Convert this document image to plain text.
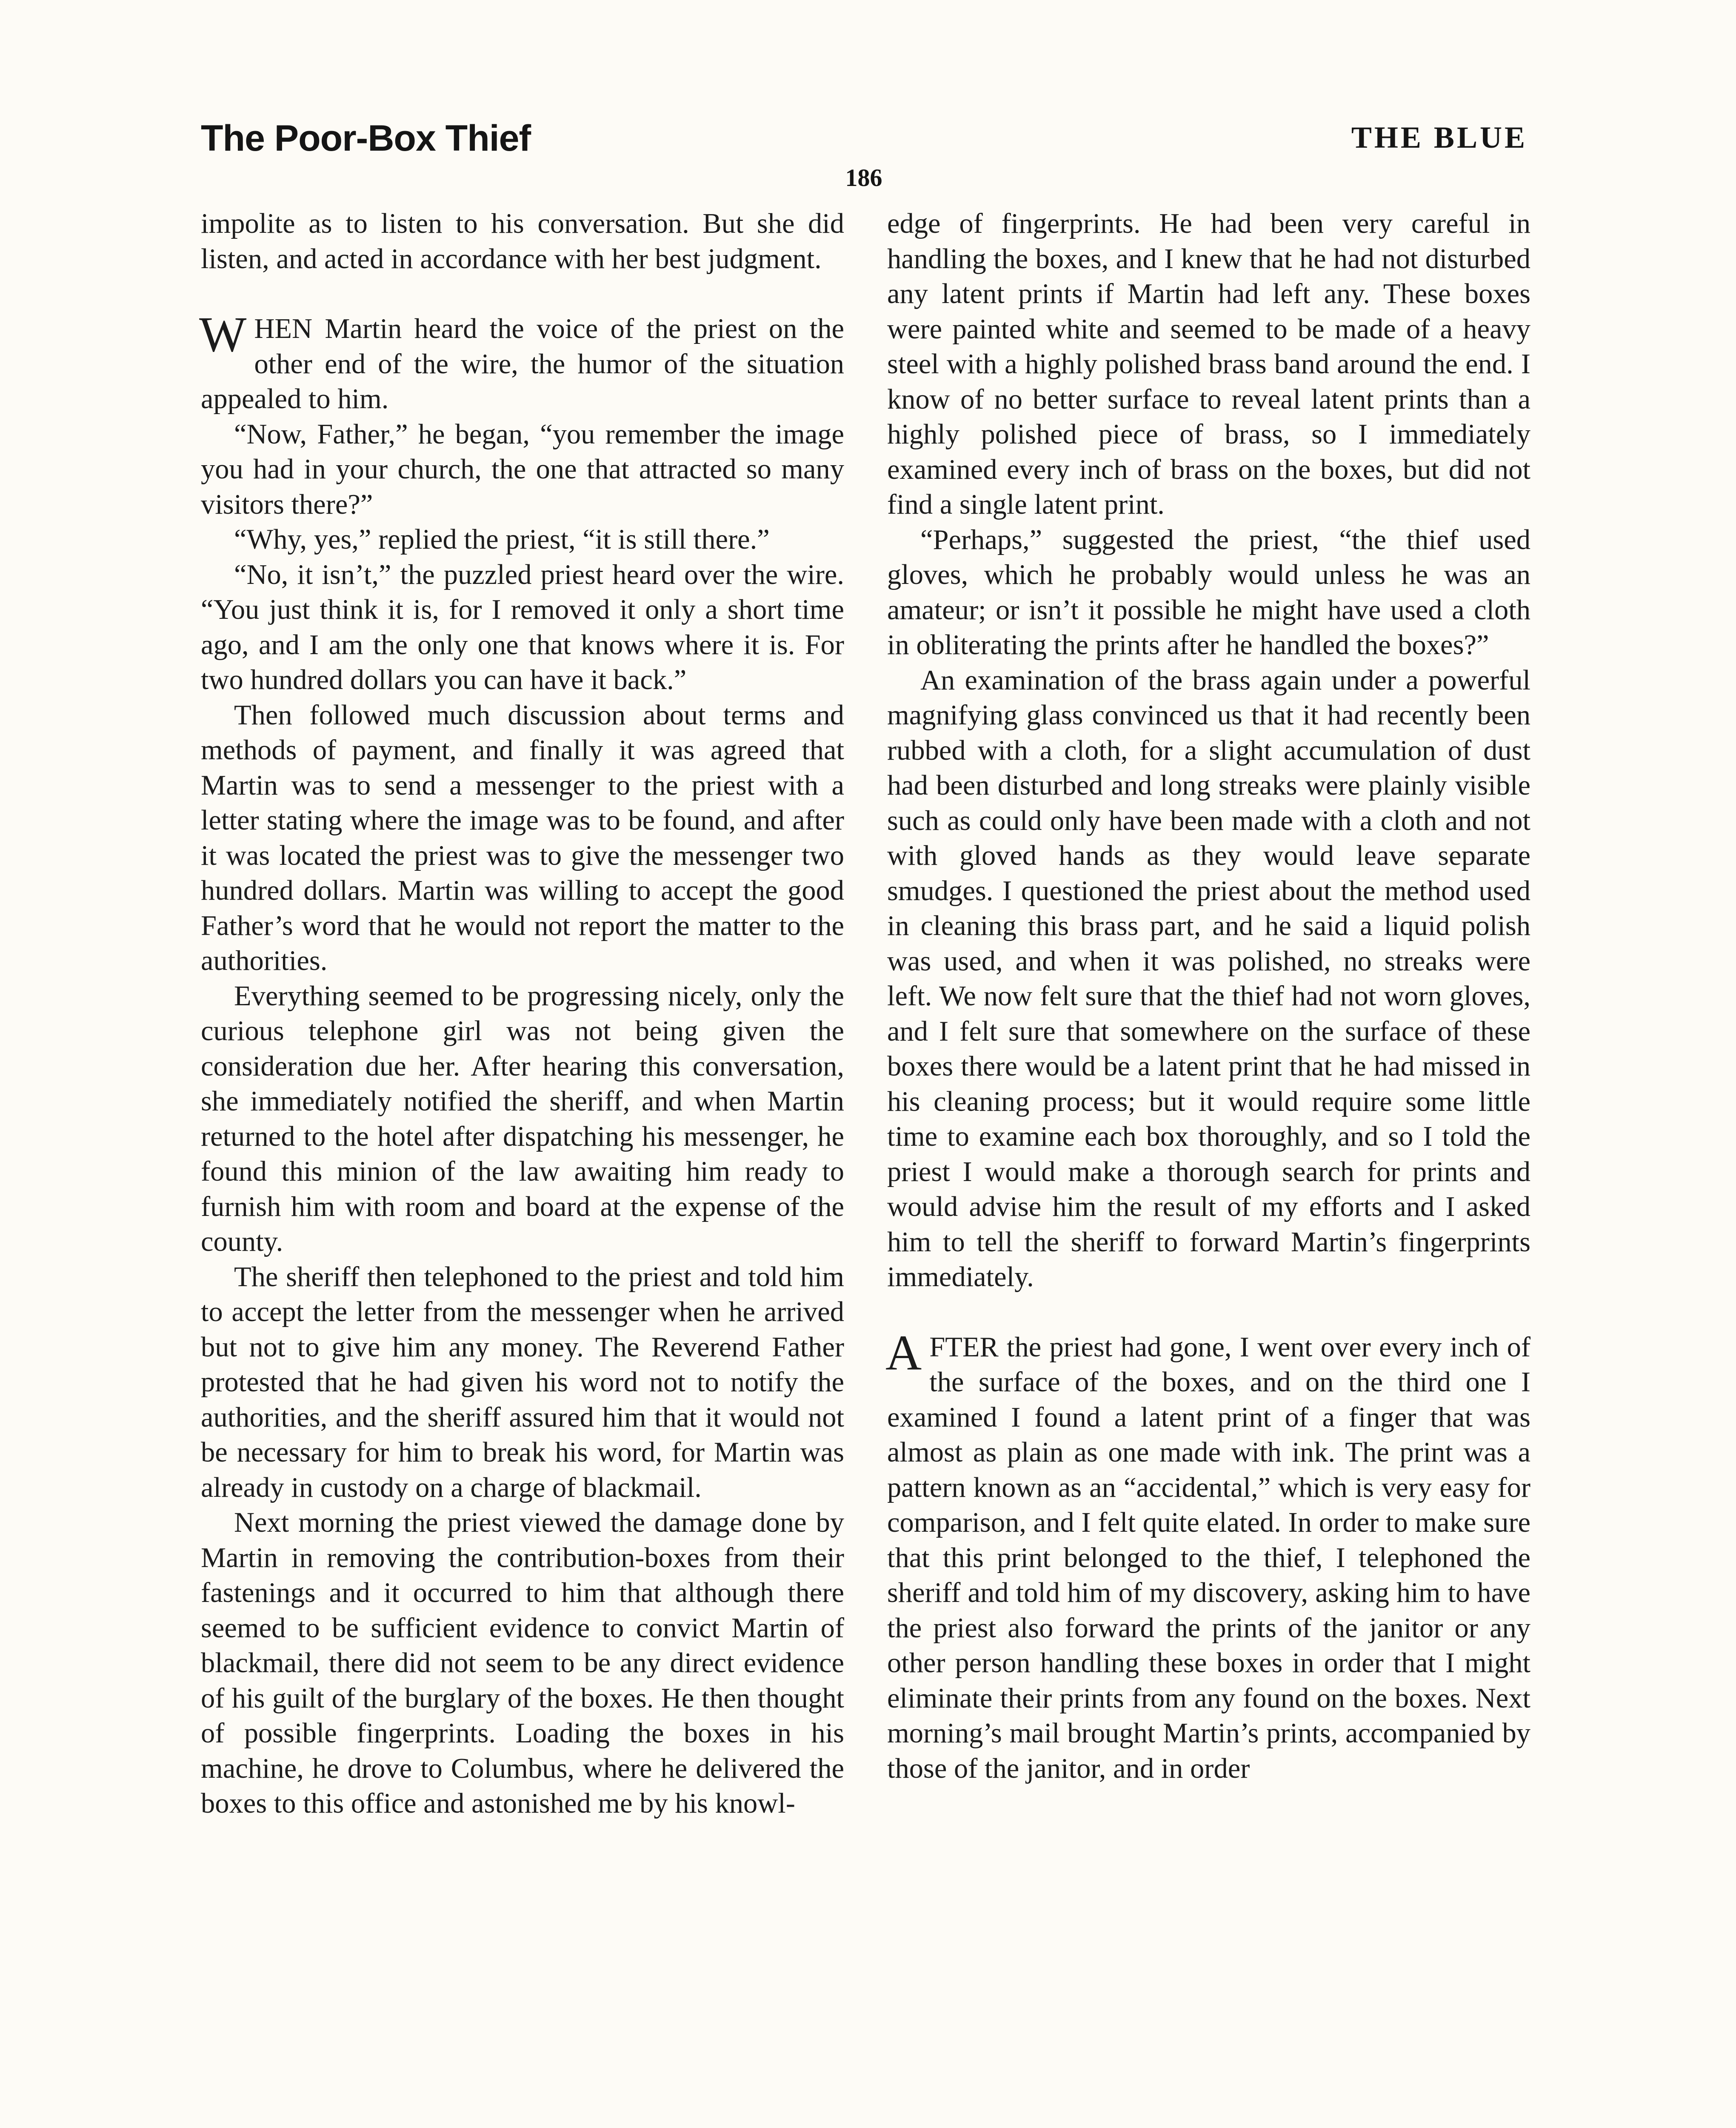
The Poor-Box Thief	THE BLUE
186

impolite as to listen to his conversation. But she did listen, and acted in accordance with her best judgment.

WHEN Martin heard the voice of the priest on the other end of the wire, the humor of the situation appealed to him.

“Now, Father,” he began, “you remember the image you had in your church, the one that attracted so many visitors there?”

“Why, yes,” replied the priest, “it is still there.”

“No, it isn’t,” the puzzled priest heard over the wire. “You just think it is, for I removed it only a short time ago, and I am the only one that knows where it is. For two hundred dollars you can have it back.”

Then followed much discussion about terms and methods of payment, and finally it was agreed that Martin was to send a messenger to the priest with a letter stating where the image was to be found, and after it was located the priest was to give the messenger two hundred dollars. Martin was willing to accept the good Father’s word that he would not report the matter to the authorities.

Everything seemed to be progressing nicely, only the curious telephone girl was not being given the consideration due her. After hearing this conversation, she immediately notified the sheriff, and when Martin returned to the hotel after dispatching his messenger, he found this minion of the law awaiting him ready to furnish him with room and board at the expense of the county.

The sheriff then telephoned to the priest and told him to accept the letter from the messenger when he arrived but not to give him any money. The Reverend Father protested that he had given his word not to notify the authorities, and the sheriff assured him that it would not be necessary for him to break his word, for Martin was already in custody on a charge of blackmail.

Next morning the priest viewed the damage done by Martin in removing the contribution-boxes from their fastenings and it occurred to him that although there seemed to be sufficient evidence to convict Martin of blackmail, there did not seem to be any direct evidence of his guilt of the burglary of the boxes. He then thought of possible fingerprints. Loading the boxes in his machine, he drove to Columbus, where he delivered the boxes to this office and astonished me by his knowl-

edge of fingerprints. He had been very careful in handling the boxes, and I knew that he had not disturbed any latent prints if Martin had left any. These boxes were painted white and seemed to be made of a heavy steel with a highly polished brass band around the end. I know of no better surface to reveal latent prints than a highly polished piece of brass, so I immediately examined every inch of brass on the boxes, but did not find a single latent print.

“Perhaps,” suggested the priest, “the thief used gloves, which he probably would unless he was an amateur; or isn’t it possible he might have used a cloth in obliterating the prints after he handled the boxes?”

An examination of the brass again under a powerful magnifying glass convinced us that it had recently been rubbed with a cloth, for a slight accumulation of dust had been disturbed and long streaks were plainly visible such as could only have been made with a cloth and not with gloved hands as they would leave separate smudges. I questioned the priest about the method used in cleaning this brass part, and he said a liquid polish was used, and when it was polished, no streaks were left. We now felt sure that the thief had not worn gloves, and I felt sure that somewhere on the surface of these boxes there would be a latent print that he had missed in his cleaning process; but it would require some little time to examine each box thoroughly, and so I told the priest I would make a thorough search for prints and would advise him the result of my efforts and I asked him to tell the sheriff to forward Martin’s fingerprints immediately.

AFTER the priest had gone, I went over every inch of the surface of the boxes, and on the third one I examined I found a latent print of a finger that was almost as plain as one made with ink. The print was a pattern known as an “accidental,” which is very easy for comparison, and I felt quite elated. In order to make sure that this print belonged to the thief, I telephoned the sheriff and told him of my discovery, asking him to have the priest also forward the prints of the janitor or any other person handling these boxes in order that I might eliminate their prints from any found on the boxes. Next morning’s mail brought Martin’s prints, accompanied by those of the janitor, and in order
